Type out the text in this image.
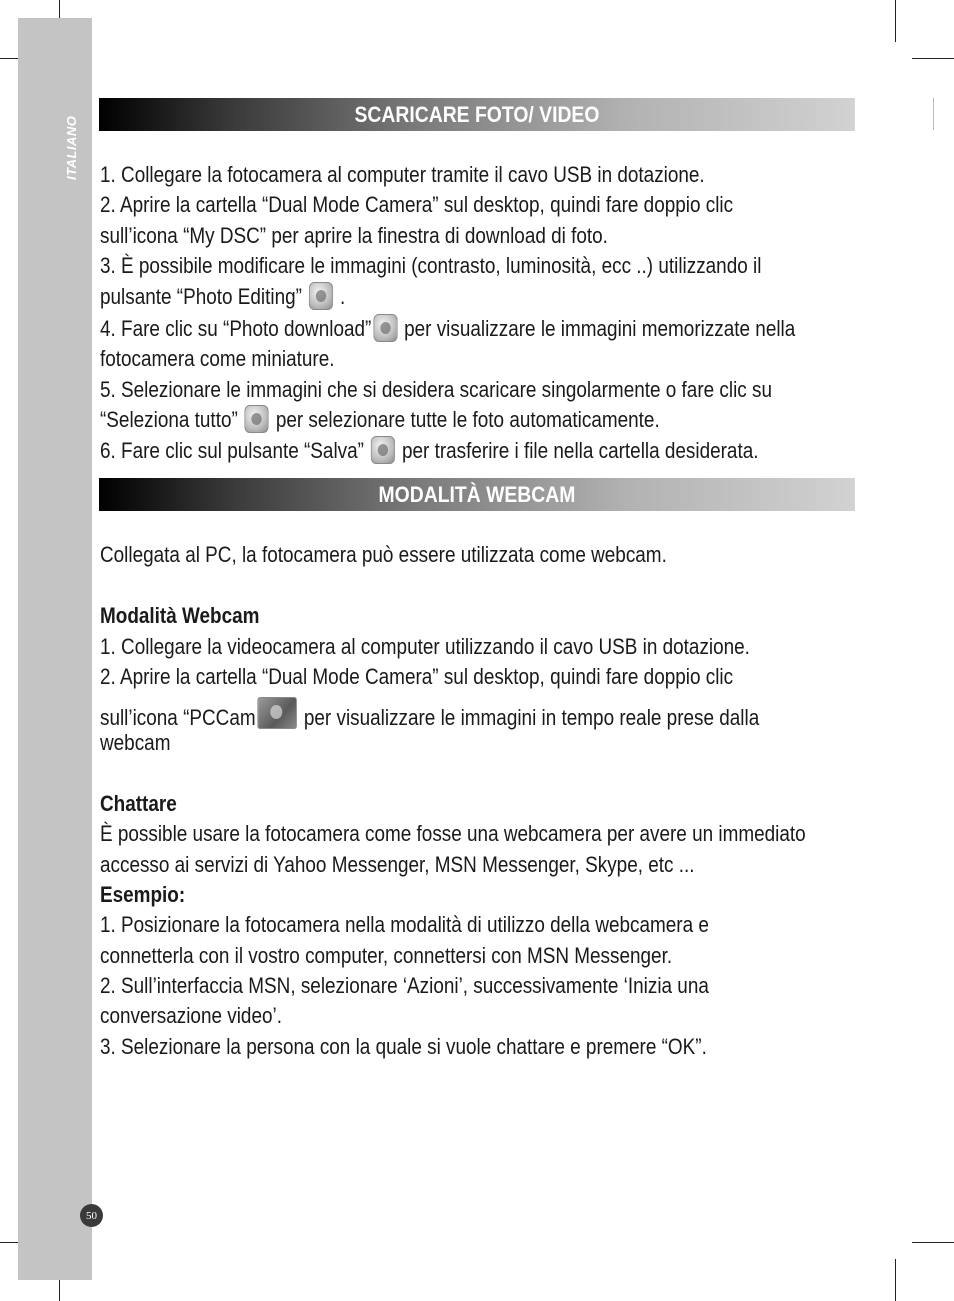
ITALIANO
50
SCARICARE FOTO/ VIDEO
1. Collegare la fotocamera al computer tramite il cavo USB in dotazione.
2. Aprire la cartella “Dual Mode Camera” sul desktop, quindi fare doppio clic
sull’icona “My DSC” per aprire la finestra di download di foto.
3. È possibile modificare le immagini (contrasto, luminosità, ecc ..) utilizzando il
pulsante “Photo Editing” .
4. Fare clic su “Photo download” per visualizzare le immagini memorizzate nella
fotocamera come miniature.
5. Selezionare le immagini che si desidera scaricare singolarmente o fare clic su
“Seleziona tutto” per selezionare tutte le foto automaticamente.
6. Fare clic sul pulsante “Salva” per trasferire i file nella cartella desiderata.
MODALITÀ WEBCAM
Collegata al PC, la fotocamera può essere utilizzata come webcam.
Modalità Webcam
1. Collegare la videocamera al computer utilizzando il cavo USB in dotazione.
2. Aprire la cartella “Dual Mode Camera” sul desktop, quindi fare doppio clic
sull’icona “PCCam per visualizzare le immagini in tempo reale prese dalla
webcam
Chattare
È possible usare la fotocamera come fosse una webcamera per avere un immediato
accesso ai servizi di Yahoo Messenger, MSN Messenger, Skype, etc ...
Esempio:
1. Posizionare la fotocamera nella modalità di utilizzo della webcamera e
connetterla con il vostro computer, connettersi con MSN Messenger.
2. Sull’interfaccia MSN, selezionare ‘Azioni’, successivamente ‘Inizia una
conversazione video’.
3. Selezionare la persona con la quale si vuole chattare e premere “OK”.
